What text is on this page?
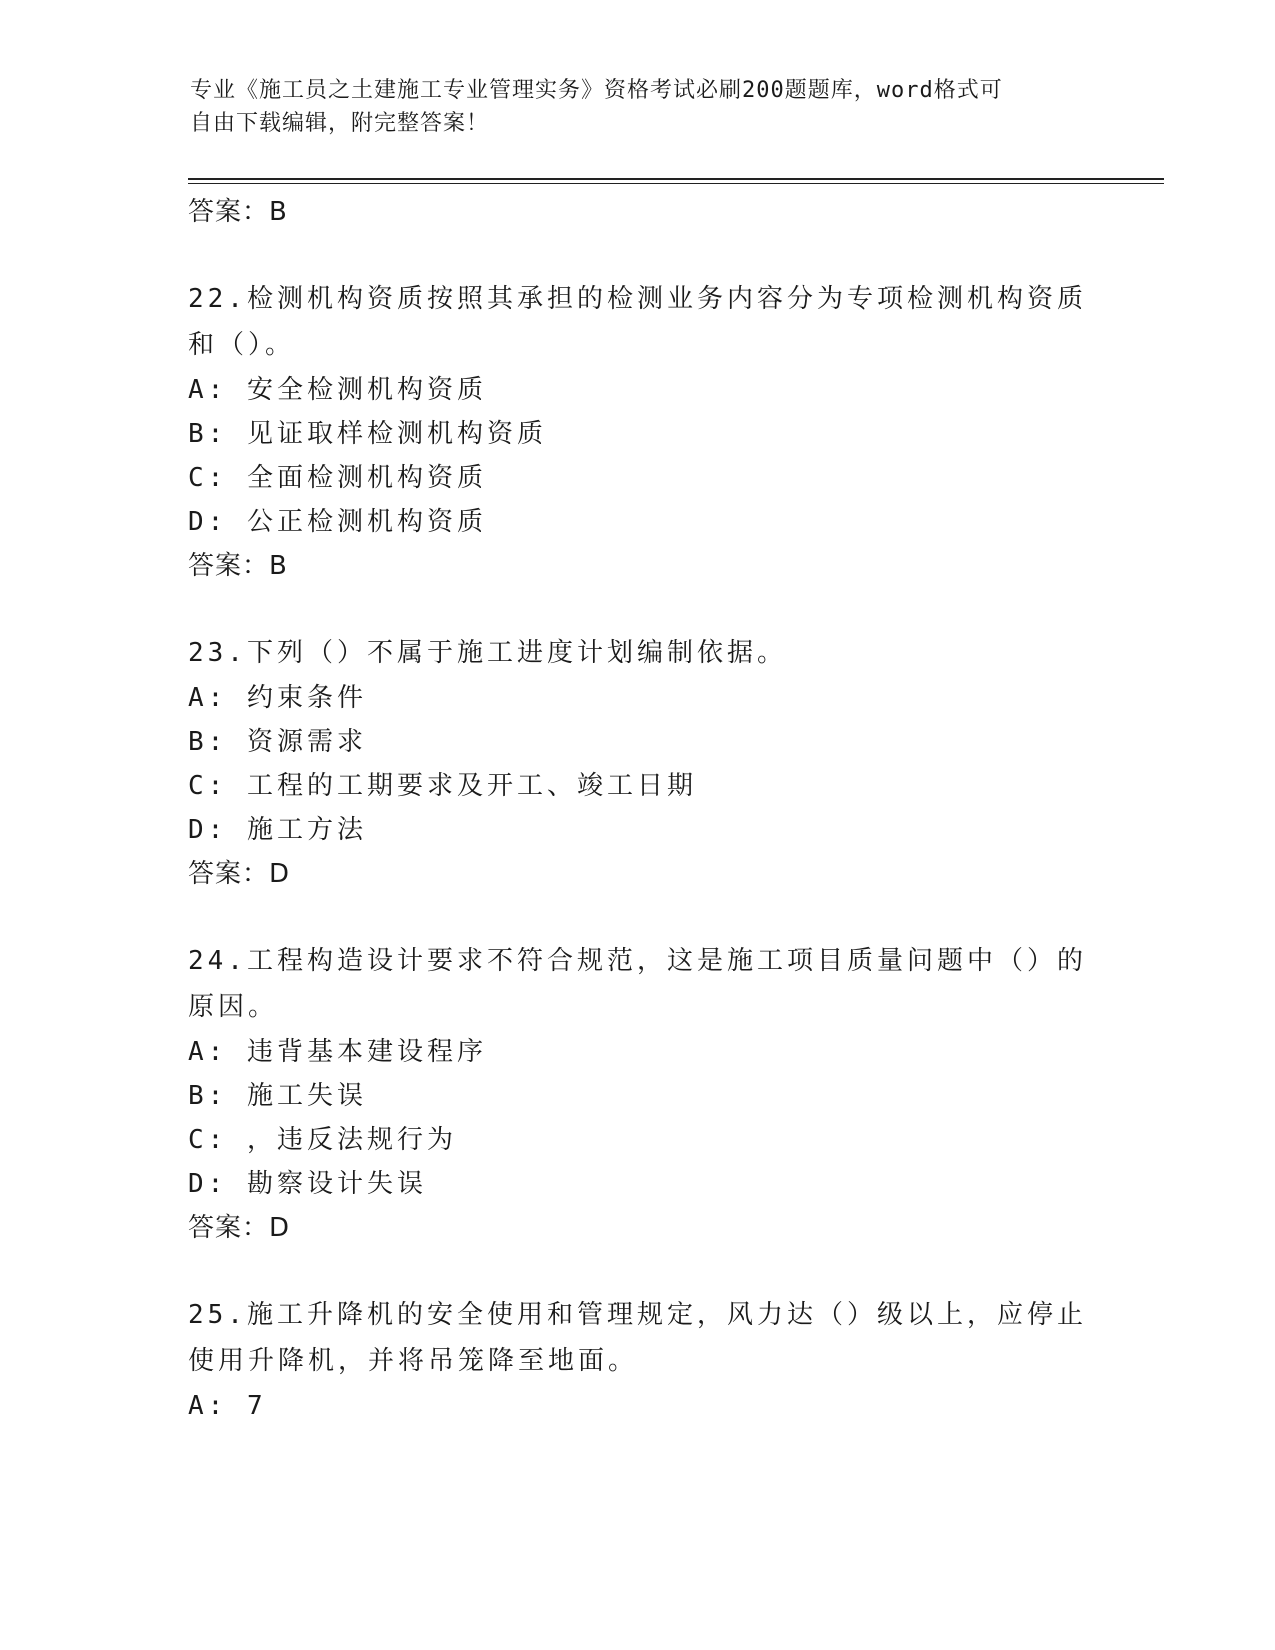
专业《施工员之土建施工专业管理实务》资格考试必刷200题题库，word格式可
自由下载编辑，附完整答案！
答案：B
22.检测机构资质按照其承担的检测业务内容分为专项检测机构资质和（）。
A: 安全检测机构资质
B: 见证取样检测机构资质
C: 全面检测机构资质
D: 公正检测机构资质
答案：B
23.下列（）不属于施工进度计划编制依据。
A: 约束条件
B: 资源需求
C: 工程的工期要求及开工、竣工日期
D: 施工方法
答案：D
24.工程构造设计要求不符合规范，这是施工项目质量问题中（）的原因。
A: 违背基本建设程序
B: 施工失误
C: ，违反法规行为
D: 勘察设计失误
答案：D
25.施工升降机的安全使用和管理规定，风力达（）级以上，应停止使用升降机，并将吊笼降至地面。
A: 7
